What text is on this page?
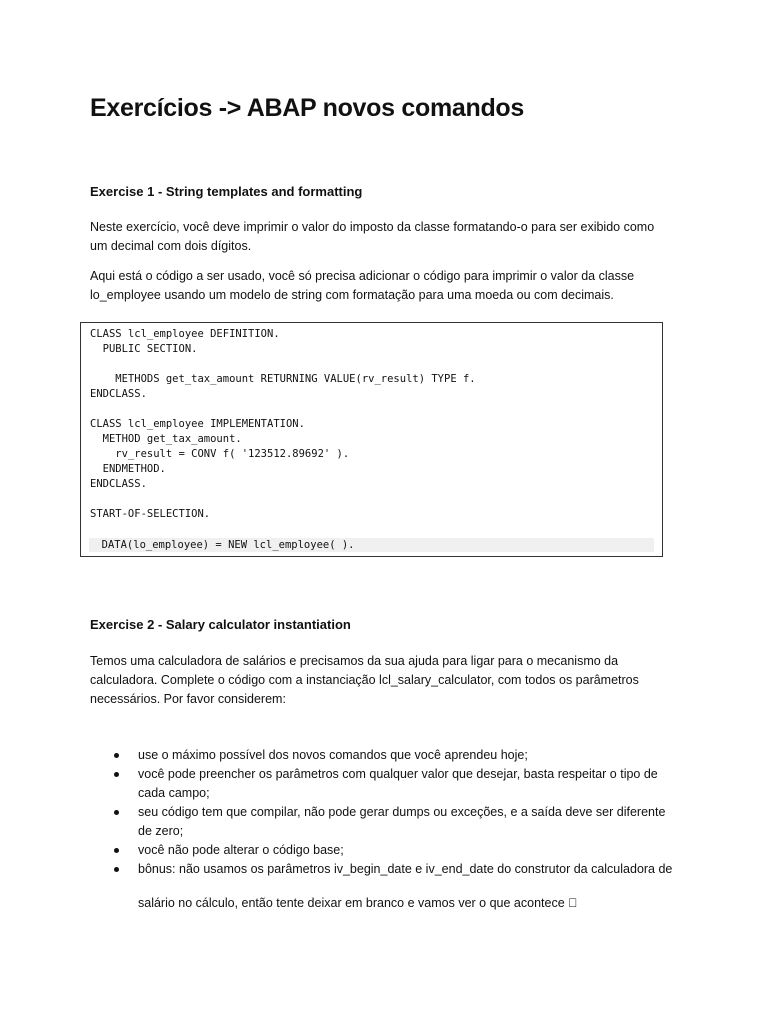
Exercícios -> ABAP novos comandos
Exercise 1 - String templates and formatting
Neste exercício, você deve imprimir o valor do imposto da classe formatando-o para ser exibido como
um decimal com dois dígitos.
Aqui está o código a ser usado, você só precisa adicionar o código para imprimir o valor da classe
lo_employee usando um modelo de string com formatação para uma moeda ou com decimais.
CLASS lcl_employee DEFINITION.
PUBLIC SECTION.
METHODS get_tax_amount RETURNING VALUE(rv_result) TYPE f.
ENDCLASS.
CLASS lcl_employee IMPLEMENTATION.
METHOD get_tax_amount.
rv_result = CONV f( '123512.89692' ).
ENDMETHOD.
ENDCLASS.
START-OF-SELECTION.
DATA(lo_employee) = NEW lcl_employee( ).
Exercise 2 - Salary calculator instantiation
Temos uma calculadora de salários e precisamos da sua ajuda para ligar para o mecanismo da
calculadora. Complete o código com a instanciação lcl_salary_calculator, com todos os parâmetros
necessários. Por favor considerem:
use o máximo possível dos novos comandos que você aprendeu hoje;
você pode preencher os parâmetros com qualquer valor que desejar, basta respeitar o tipo de
cada campo;
seu código tem que compilar, não pode gerar dumps ou exceções, e a saída deve ser diferente
de zero;
você não pode alterar o código base;
bônus: não usamos os parâmetros iv_begin_date e iv_end_date do construtor da calculadora de

salário no cálculo, então tente deixar em branco e vamos ver o que acontece
